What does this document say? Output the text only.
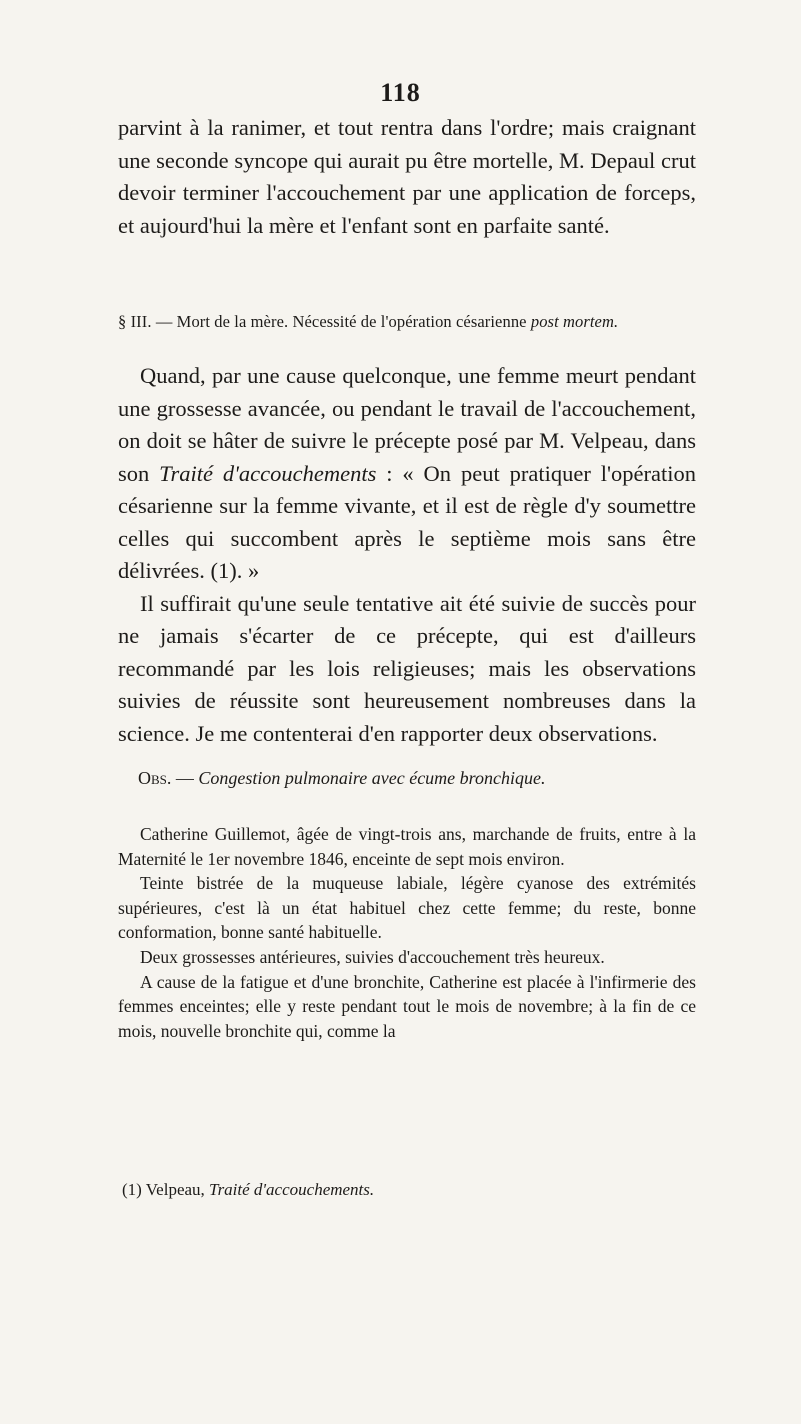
118

parvint à la ranimer, et tout rentra dans l'ordre; mais craignant une seconde syncope qui aurait pu être mortelle, M. Depaul crut devoir terminer l'accouchement par une application de forceps, et aujourd'hui la mère et l'enfant sont en parfaite santé.

§ III. — Mort de la mère. Nécessité de l'opération césarienne post mortem.

Quand, par une cause quelconque, une femme meurt pendant une grossesse avancée, ou pendant le travail de l'accouchement, on doit se hâter de suivre le précepte posé par M. Velpeau, dans son Traité d'accouchements : « On peut pratiquer l'opération césarienne sur la femme vivante, et il est de règle d'y soumettre celles qui succombent après le septième mois sans être délivrées. (1). »

Il suffirait qu'une seule tentative ait été suivie de succès pour ne jamais s'écarter de ce précepte, qui est d'ailleurs recommandé par les lois religieuses; mais les observations suivies de réussite sont heureusement nombreuses dans la science. Je me contenterai d'en rapporter deux observations.

Obs. — Congestion pulmonaire avec écume bronchique.

Catherine Guillemot, âgée de vingt-trois ans, marchande de fruits, entre à la Maternité le 1er novembre 1846, enceinte de sept mois environ.

Teinte bistrée de la muqueuse labiale, légère cyanose des extrémités supérieures, c'est là un état habituel chez cette femme; du reste, bonne conformation, bonne santé habituelle.

Deux grossesses antérieures, suivies d'accouchement très heureux.

A cause de la fatigue et d'une bronchite, Catherine est placée à l'infirmerie des femmes enceintes; elle y reste pendant tout le mois de novembre; à la fin de ce mois, nouvelle bronchite qui, comme la

(1) Velpeau, Traité d'accouchements.
